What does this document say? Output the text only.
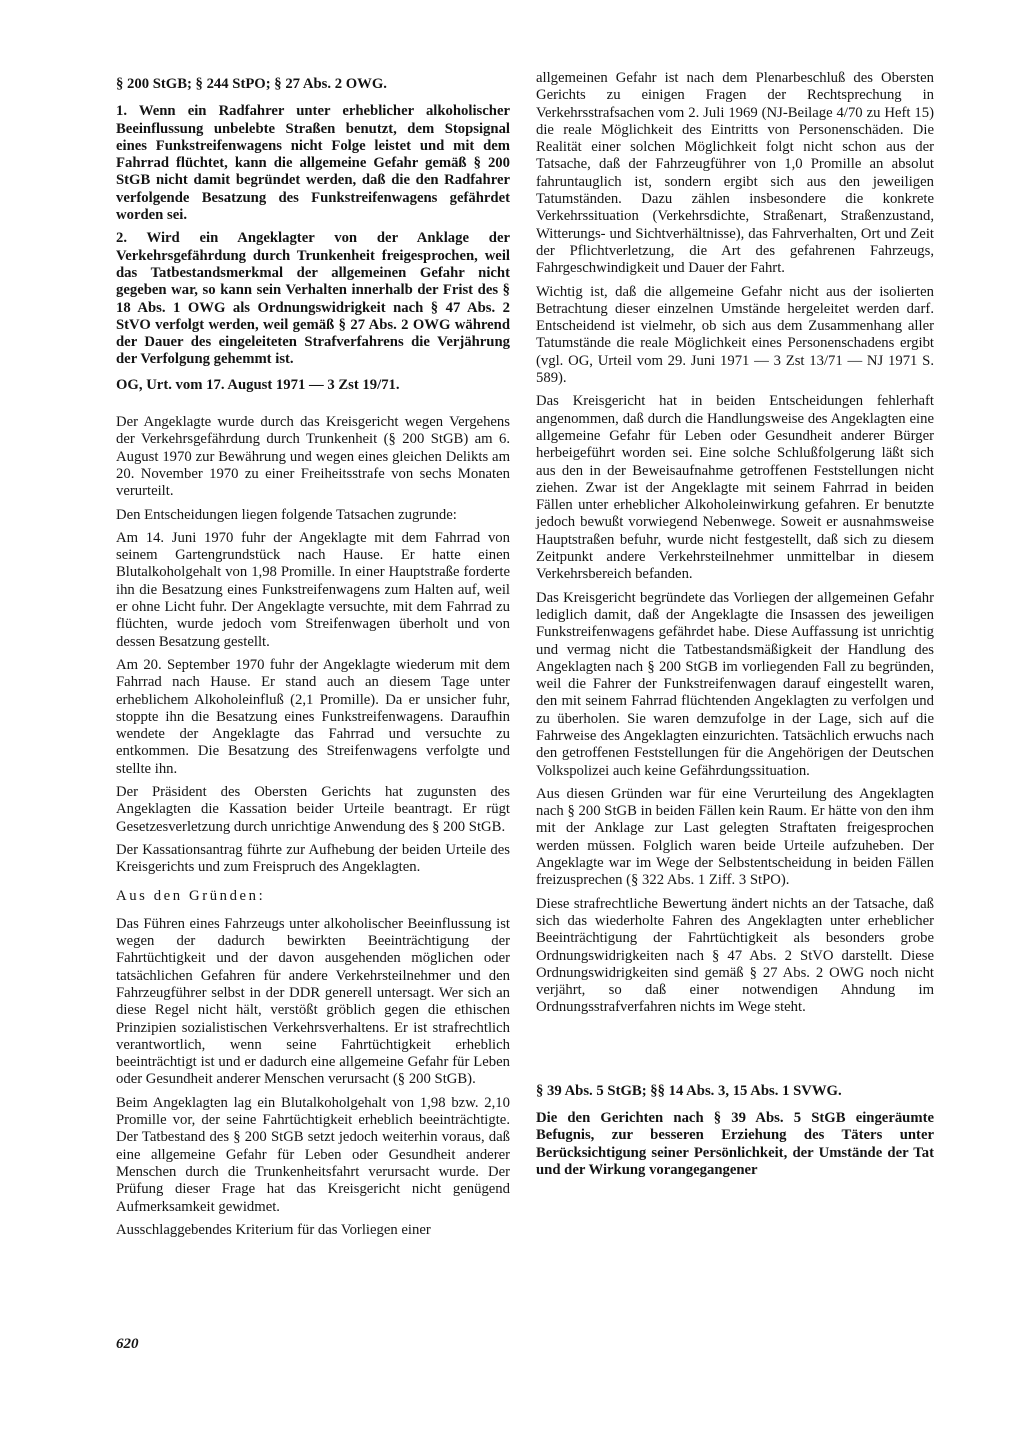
§ 200 StGB; § 244 StPO; § 27 Abs. 2 OWG.

1. Wenn ein Radfahrer unter erheblicher alkoholischer Beeinflussung unbelebte Straßen benutzt, dem Stopsignal eines Funkstreifenwagens nicht Folge leistet und mit dem Fahrrad flüchtet, kann die allgemeine Gefahr gemäß § 200 StGB nicht damit begründet werden, daß die den Radfahrer verfolgende Besatzung des Funkstreifenwagens gefährdet worden sei.

2. Wird ein Angeklagter von der Anklage der Verkehrsgefährdung durch Trunkenheit freigesprochen, weil das Tatbestandsmerkmal der allgemeinen Gefahr nicht gegeben war, so kann sein Verhalten innerhalb der Frist des § 18 Abs. 1 OWG als Ordnungswidrigkeit nach § 47 Abs. 2 StVO verfolgt werden, weil gemäß § 27 Abs. 2 OWG während der Dauer des eingeleiteten Strafverfahrens die Verjährung der Verfolgung gehemmt ist.

OG, Urt. vom 17. August 1971 — 3 Zst 19/71.

Der Angeklagte wurde durch das Kreisgericht wegen Vergehens der Verkehrsgefährdung durch Trunkenheit (§ 200 StGB) am 6. August 1970 zur Bewährung und wegen eines gleichen Delikts am 20. November 1970 zu einer Freiheitsstrafe von sechs Monaten verurteilt.

Den Entscheidungen liegen folgende Tatsachen zugrunde:

Am 14. Juni 1970 fuhr der Angeklagte mit dem Fahrrad von seinem Gartengrundstück nach Hause. Er hatte einen Blutalkoholgehalt von 1,98 Promille. In einer Hauptstraße forderte ihn die Besatzung eines Funkstreifenwagens zum Halten auf, weil er ohne Licht fuhr. Der Angeklagte versuchte, mit dem Fahrrad zu flüchten, wurde jedoch vom Streifenwagen überholt und von dessen Besatzung gestellt.

Am 20. September 1970 fuhr der Angeklagte wiederum mit dem Fahrrad nach Hause. Er stand auch an diesem Tage unter erheblichem Alkoholeinfluß (2,1 Promille). Da er unsicher fuhr, stoppte ihn die Besatzung eines Funkstreifenwagens. Daraufhin wendete der Angeklagte das Fahrrad und versuchte zu entkommen. Die Besatzung des Streifenwagens verfolgte und stellte ihn.

Der Präsident des Obersten Gerichts hat zugunsten des Angeklagten die Kassation beider Urteile beantragt. Er rügt Gesetzesverletzung durch unrichtige Anwendung des § 200 StGB.

Der Kassationsantrag führte zur Aufhebung der beiden Urteile des Kreisgerichts und zum Freispruch des Angeklagten.

Aus den Gründen:

Das Führen eines Fahrzeugs unter alkoholischer Beeinflussung ist wegen der dadurch bewirkten Beeinträchtigung der Fahrtüchtigkeit und der davon ausgehenden möglichen oder tatsächlichen Gefahren für andere Verkehrsteilnehmer und den Fahrzeugführer selbst in der DDR generell untersagt. Wer sich an diese Regel nicht hält, verstößt gröblich gegen die ethischen Prinzipien sozialistischen Verkehrsverhaltens. Er ist strafrechtlich verantwortlich, wenn seine Fahrtüchtigkeit erheblich beeinträchtigt ist und er dadurch eine allgemeine Gefahr für Leben oder Gesundheit anderer Menschen verursacht (§ 200 StGB).

Beim Angeklagten lag ein Blutalkoholgehalt von 1,98 bzw. 2,10 Promille vor, der seine Fahrtüchtigkeit erheblich beeinträchtigte. Der Tatbestand des § 200 StGB setzt jedoch weiterhin voraus, daß eine allgemeine Gefahr für Leben oder Gesundheit anderer Menschen durch die Trunkenheitsfahrt verursacht wurde. Der Prüfung dieser Frage hat das Kreisgericht nicht genügend Aufmerksamkeit gewidmet.

Ausschlaggebendes Kriterium für das Vorliegen einer

allgemeinen Gefahr ist nach dem Plenarbeschluß des Obersten Gerichts zu einigen Fragen der Rechtsprechung in Verkehrsstrafsachen vom 2. Juli 1969 (NJ-Beilage 4/70 zu Heft 15) die reale Möglichkeit des Eintritts von Personenschäden. Die Realität einer solchen Möglichkeit folgt nicht schon aus der Tatsache, daß der Fahrzeugführer von 1,0 Promille an absolut fahruntauglich ist, sondern ergibt sich aus den jeweiligen Tatumständen. Dazu zählen insbesondere die konkrete Verkehrssituation (Verkehrsdichte, Straßenart, Straßenzustand, Witterungs- und Sichtverhältnisse), das Fahrverhalten, Ort und Zeit der Pflichtverletzung, die Art des gefahrenen Fahrzeugs, Fahrgeschwindigkeit und Dauer der Fahrt.

Wichtig ist, daß die allgemeine Gefahr nicht aus der isolierten Betrachtung dieser einzelnen Umstände hergeleitet werden darf. Entscheidend ist vielmehr, ob sich aus dem Zusammenhang aller Tatumstände die reale Möglichkeit eines Personenschadens ergibt (vgl. OG, Urteil vom 29. Juni 1971 — 3 Zst 13/71 — NJ 1971 S. 589).

Das Kreisgericht hat in beiden Entscheidungen fehlerhaft angenommen, daß durch die Handlungsweise des Angeklagten eine allgemeine Gefahr für Leben oder Gesundheit anderer Bürger herbeigeführt worden sei. Eine solche Schlußfolgerung läßt sich aus den in der Beweisaufnahme getroffenen Feststellungen nicht ziehen. Zwar ist der Angeklagte mit seinem Fahrrad in beiden Fällen unter erheblicher Alkoholeinwirkung gefahren. Er benutzte jedoch bewußt vorwiegend Nebenwege. Soweit er ausnahmsweise Hauptstraßen befuhr, wurde nicht festgestellt, daß sich zu diesem Zeitpunkt andere Verkehrsteilnehmer unmittelbar in diesem Verkehrsbereich befanden.

Das Kreisgericht begründete das Vorliegen der allgemeinen Gefahr lediglich damit, daß der Angeklagte die Insassen des jeweiligen Funkstreifenwagens gefährdet habe. Diese Auffassung ist unrichtig und vermag nicht die Tatbestandsmäßigkeit der Handlung des Angeklagten nach § 200 StGB im vorliegenden Fall zu begründen, weil die Fahrer der Funkstreifenwagen darauf eingestellt waren, den mit seinem Fahrrad flüchtenden Angeklagten zu verfolgen und zu überholen. Sie waren demzufolge in der Lage, sich auf die Fahrweise des Angeklagten einzurichten. Tatsächlich erwuchs nach den getroffenen Feststellungen für die Angehörigen der Deutschen Volkspolizei auch keine Gefährdungssituation.

Aus diesen Gründen war für eine Verurteilung des Angeklagten nach § 200 StGB in beiden Fällen kein Raum. Er hätte von den ihm mit der Anklage zur Last gelegten Straftaten freigesprochen werden müssen. Folglich waren beide Urteile aufzuheben. Der Angeklagte war im Wege der Selbstentscheidung in beiden Fällen freizusprechen (§ 322 Abs. 1 Ziff. 3 StPO).

Diese strafrechtliche Bewertung ändert nichts an der Tatsache, daß sich das wiederholte Fahren des Angeklagten unter erheblicher Beeinträchtigung der Fahrtüchtigkeit als besonders grobe Ordnungswidrigkeiten nach § 47 Abs. 2 StVO darstellt. Diese Ordnungswidrigkeiten sind gemäß § 27 Abs. 2 OWG noch nicht verjährt, so daß einer notwendigen Ahndung im Ordnungsstrafverfahren nichts im Wege steht.

§ 39 Abs. 5 StGB; §§ 14 Abs. 3, 15 Abs. 1 SVWG.

Die den Gerichten nach § 39 Abs. 5 StGB eingeräumte Befugnis, zur besseren Erziehung des Täters unter Berücksichtigung seiner Persönlichkeit, der Umstände der Tat und der Wirkung vorangegangener

620
